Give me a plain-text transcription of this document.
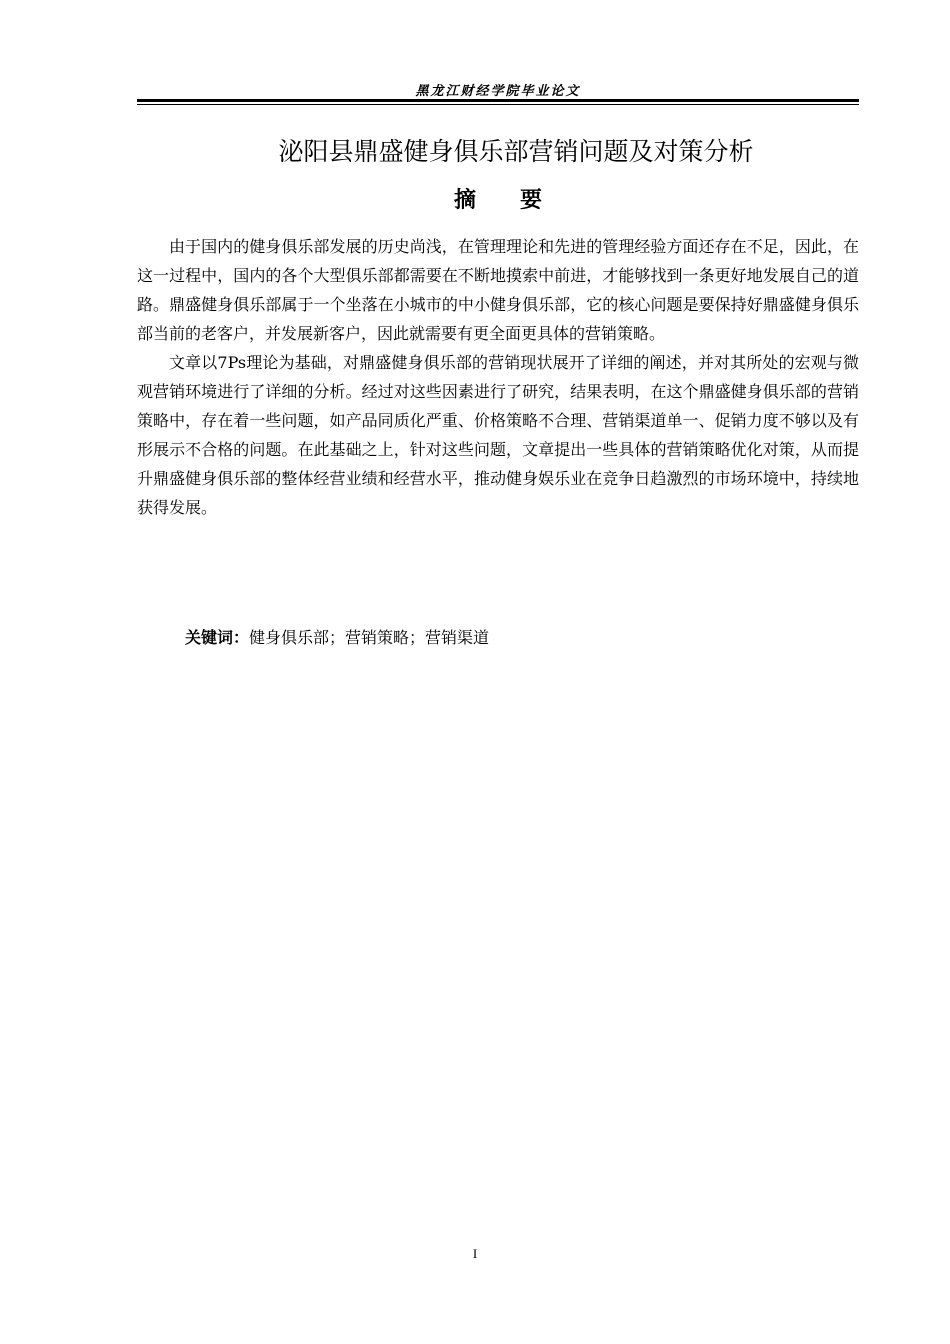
黑龙江财经学院毕业论文
泌阳县鼎盛健身俱乐部营销问题及对策分析
摘 要

由于国内的健身俱乐部发展的历史尚浅，在管理理论和先进的管理经验方面还存在不足，因此，在这一过程中，国内的各个大型俱乐部都需要在不断地摸索中前进，才能够找到一条更好地发展自己的道路。鼎盛健身俱乐部属于一个坐落在小城市的中小健身俱乐部，它的核心问题是要保持好鼎盛健身俱乐部当前的老客户，并发展新客户，因此就需要有更全面更具体的营销策略。

文章以7Ps理论为基础，对鼎盛健身俱乐部的营销现状展开了详细的阐述，并对其所处的宏观与微观营销环境进行了详细的分析。经过对这些因素进行了研究，结果表明，在这个鼎盛健身俱乐部的营销策略中，存在着一些问题，如产品同质化严重、价格策略不合理、营销渠道单一、促销力度不够以及有形展示不合格的问题。在此基础之上，针对这些问题，文章提出一些具体的营销策略优化对策，从而提升鼎盛健身俱乐部的整体经营业绩和经营水平，推动健身娱乐业在竞争日趋激烈的市场环境中，持续地获得发展。

关键词：健身俱乐部；营销策略；营销渠道
I
